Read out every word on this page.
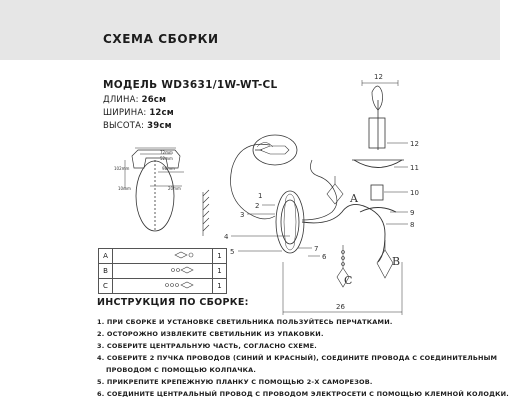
СХЕМА СБОРКИ
МОДЕЛЬ WD3631/1W-WT-CL
ДЛИНА: 26см
ШИРИНА: 12см
ВЫСОТА: 39см
72mm
52mm
98mm
102mm
10mm	20mm
12
11
10
9
8
7
6
5
4
3
2
1
12
26
A
B
C
A		1
B		1
C		1
ИНСТРУКЦИЯ ПО СБОРКЕ:
1. ПРИ СБОРКЕ И УСТАНОВКЕ СВЕТИЛЬНИКА ПОЛЬЗУЙТЕСЬ ПЕРЧАТКАМИ.
2. ОСТОРОЖНО ИЗВЛЕКИТЕ СВЕТИЛЬНИК ИЗ УПАКОВКИ.
3. СОБЕРИТЕ ЦЕНТРАЛЬНУЮ ЧАСТЬ, СОГЛАСНО СХЕМЕ.
4. СОБЕРИТЕ 2 ПУЧКА ПРОВОДОВ (СИНИЙ И КРАСНЫЙ), СОЕДИНИТЕ ПРОВОДА С СОЕДИНИТЕЛЬНЫМ
ПРОВОДОМ С ПОМОЩЬЮ КОЛПАЧКА.
5. ПРИКРЕПИТЕ КРЕПЕЖНУЮ ПЛАНКУ С ПОМОЩЬЮ 2-Х САМОРЕЗОВ.
6. СОЕДИНИТЕ ЦЕНТРАЛЬНЫЙ ПРОВОД С ПРОВОДОМ ЭЛЕКТРОСЕТИ С ПОМОЩЬЮ КЛЕМНОЙ КОЛОДКИ.
